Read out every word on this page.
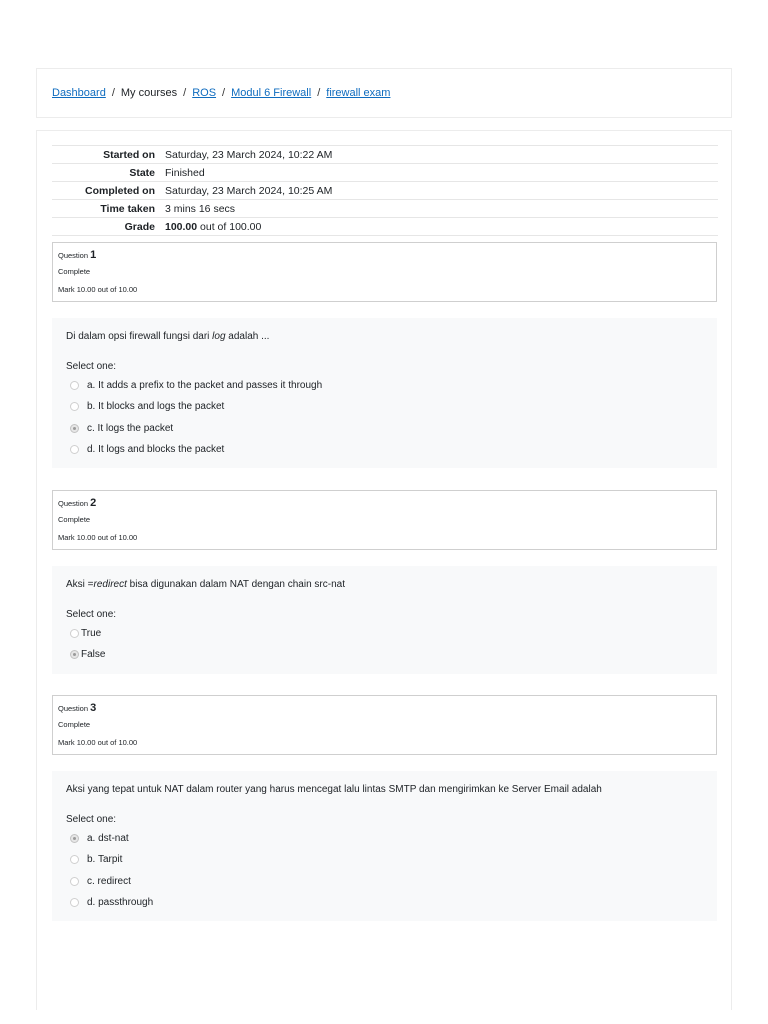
Dashboard / My courses / ROS / Modul 6 Firewall / firewall exam
Started on	Saturday, 23 March 2024, 10:22 AM
State	Finished
Completed on	Saturday, 23 March 2024, 10:25 AM
Time taken	3 mins 16 secs
Grade	100.00 out of 100.00
Question 1
Complete
Mark 10.00 out of 10.00
Di dalam opsi firewall fungsi dari log adalah ...
Select one:
a. It adds a prefix to the packet and passes it through
b. It blocks and logs the packet
c. It logs the packet
d. It logs and blocks the packet
Question 2
Complete
Mark 10.00 out of 10.00
Aksi =redirect bisa digunakan dalam NAT dengan chain src-nat
Select one:
True
False
Question 3
Complete
Mark 10.00 out of 10.00
Aksi yang tepat untuk NAT dalam router yang harus mencegat lalu lintas SMTP dan mengirimkan ke Server Email adalah
Select one:
a. dst-nat
b. Tarpit
c. redirect
d. passthrough
